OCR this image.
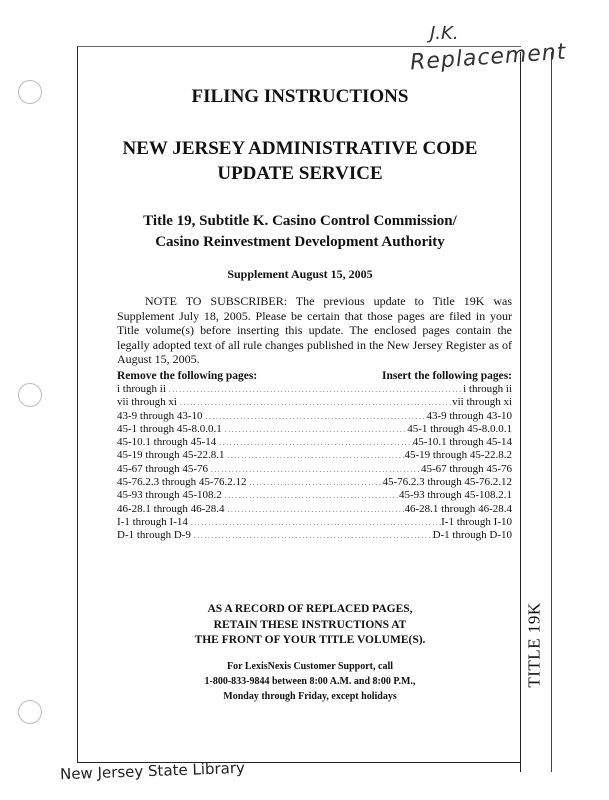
TITLE 19K
J.K.
Replacement
FILING INSTRUCTIONS
NEW JERSEY ADMINISTRATIVE CODE
UPDATE SERVICE
Title 19, Subtitle K. Casino Control Commission/
Casino Reinvestment Development Authority
Supplement August 15, 2005
NOTE TO SUBSCRIBER: The previous update to Title 19K was Supplement July 18, 2005. Please be certain that those pages are filed in your Title volume(s) before inserting this update. The enclosed pages contain the legally adopted text of all rule changes published in the New Jersey Register as of August 15, 2005.
Remove the following pages:	Insert the following pages:
i through ii . . .	i through ii
vii through xi . . .	vii through xi
43-9 through 43-10 . . .	43-9 through 43-10
45-1 through 45-8.0.0.1 . . .	45-1 through 45-8.0.0.1
45-10.1 through 45-14 . . .	45-10.1 through 45-14
45-19 through 45-22.8.1 . . .	45-19 through 45-22.8.2
45-67 through 45-76 . . .	45-67 through 45-76
45-76.2.3 through 45-76.2.12 . . .	45-76.2.3 through 45-76.2.12
45-93 through 45-108.2 . . .	45-93 through 45-108.2.1
46-28.1 through 46-28.4 . . .	46-28.1 through 46-28.4
I-1 through I-14 . . .	I-1 through I-10
D-1 through D-9 . . .	D-1 through D-10
AS A RECORD OF REPLACED PAGES,
RETAIN THESE INSTRUCTIONS AT
THE FRONT OF YOUR TITLE VOLUME(S).
For LexisNexis Customer Support, call
1-800-833-9844 between 8:00 A.M. and 8:00 P.M.,
Monday through Friday, except holidays
New Jersey State Library
